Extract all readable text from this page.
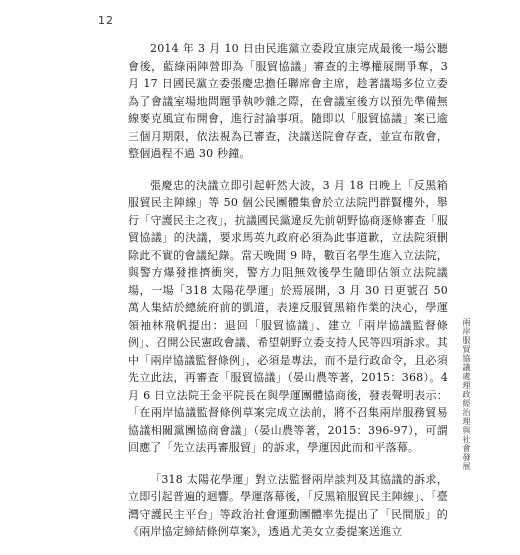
12

2014 年 3 月 10 日由民進黨立委段宜康完成最後一場公聽會後，藍綠兩陣營即為「服貿協議」審查的主導權展開爭奪，3 月 17 日國民黨立委張慶忠擔任聯席會主席，趁著議場多位立委為了會議室場地問題爭執吵雜之際，在會議室後方以預先準備無線麥克風宣布開會，進行討論事項。隨即以「服貿協議」案已逾三個月期限，依法視為已審查，決議送院會存查，並宣布散會，整個過程不過 30 秒鐘。

張慶忠的決議立即引起軒然大波，3 月 18 日晚上「反黑箱服貿民主陣線」等 50 個公民團體集會於立法院門群賢樓外，舉行「守護民主之夜」，抗議國民黨違反先前朝野協商逐條審查「服貿協議」的決議，要求馬英九政府必須為此事道歉，立法院須刪除此不實的會議紀錄。當天晚間 9 時，數百名學生進入立法院，與警方爆發推擠衝突，警方力阻無效後學生隨即佔領立法院議場，一場「318 太陽花學運」於焉展開，3 月 30 日更號召 50 萬人集結於總統府前的凱道，表達反服貿黑箱作業的決心，學運領袖林飛帆提出：退回「服貿協議」、建立「兩岸協議監督條例」、召開公民憲政會議、希望朝野立委支持人民等四項訴求。其中「兩岸協議監督條例」，必須是專法，而不是行政命令，且必須先立此法，再審查「服貿協議」（晏山農等著，2015：368）。4 月 6 日立法院王金平院長在與學運團體協商後，發表聲明表示：「在兩岸協議監督條例草案完成立法前，將不召集兩岸服務貿易協議相關黨團協商會議」（晏山農等著，2015：396-97），可謂回應了「先立法再審服貿」的訴求，學運因此而和平落幕。

「318 太陽花學運」對立法監督兩岸談判及其協議的訴求，立即引起普遍的迴響。學運落幕後，「反黑箱服貿民主陣線」、「臺灣守護民主平台」等政治社會運動團體率先提出了「民間版」的《兩岸協定締結條例草案》，透過尤美女立委提案送進立

兩岸服貿協議處理政經治理與社會發展
